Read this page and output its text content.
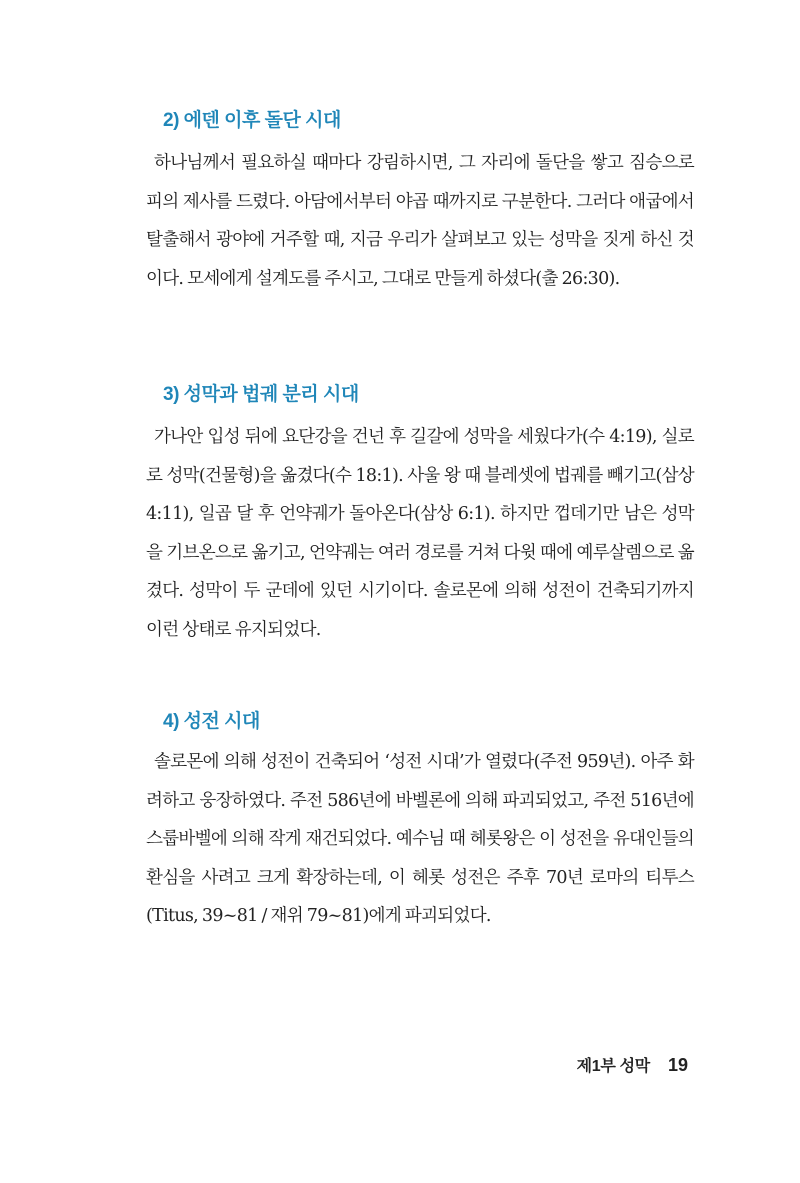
2) 에덴 이후 돌단 시대

하나님께서 필요하실 때마다 강림하시면, 그 자리에 돌단을 쌓고 짐승으로 피의 제사를 드렸다. 아담에서부터 야곱 때까지로 구분한다. 그러다 애굽에서 탈출해서 광야에 거주할 때, 지금 우리가 살펴보고 있는 성막을 짓게 하신 것이다. 모세에게 설계도를 주시고, 그대로 만들게 하셨다(출 26:30).

3) 성막과 법궤 분리 시대

가나안 입성 뒤에 요단강을 건넌 후 길갈에 성막을 세웠다가(수 4:19), 실로로 성막(건물형)을 옮겼다(수 18:1). 사울 왕 때 블레셋에 법궤를 빼기고(삼상 4:11), 일곱 달 후 언약궤가 돌아온다(삼상 6:1). 하지만 껍데기만 남은 성막을 기브온으로 옮기고, 언약궤는 여러 경로를 거쳐 다윗 때에 예루살렘으로 옮겼다. 성막이 두 군데에 있던 시기이다. 솔로몬에 의해 성전이 건축되기까지 이런 상태로 유지되었다.

4) 성전 시대

솔로몬에 의해 성전이 건축되어 ‘성전 시대’가 열렸다(주전 959년). 아주 화려하고 웅장하였다. 주전 586년에 바벨론에 의해 파괴되었고, 주전 516년에 스룹바벨에 의해 작게 재건되었다. 예수님 때 헤롯왕은 이 성전을 유대인들의 환심을 사려고 크게 확장하는데, 이 헤롯 성전은 주후 70년 로마의 티투스(Titus, 39~81 / 재위 79~81)에게 파괴되었다.

제1부 성막 19
